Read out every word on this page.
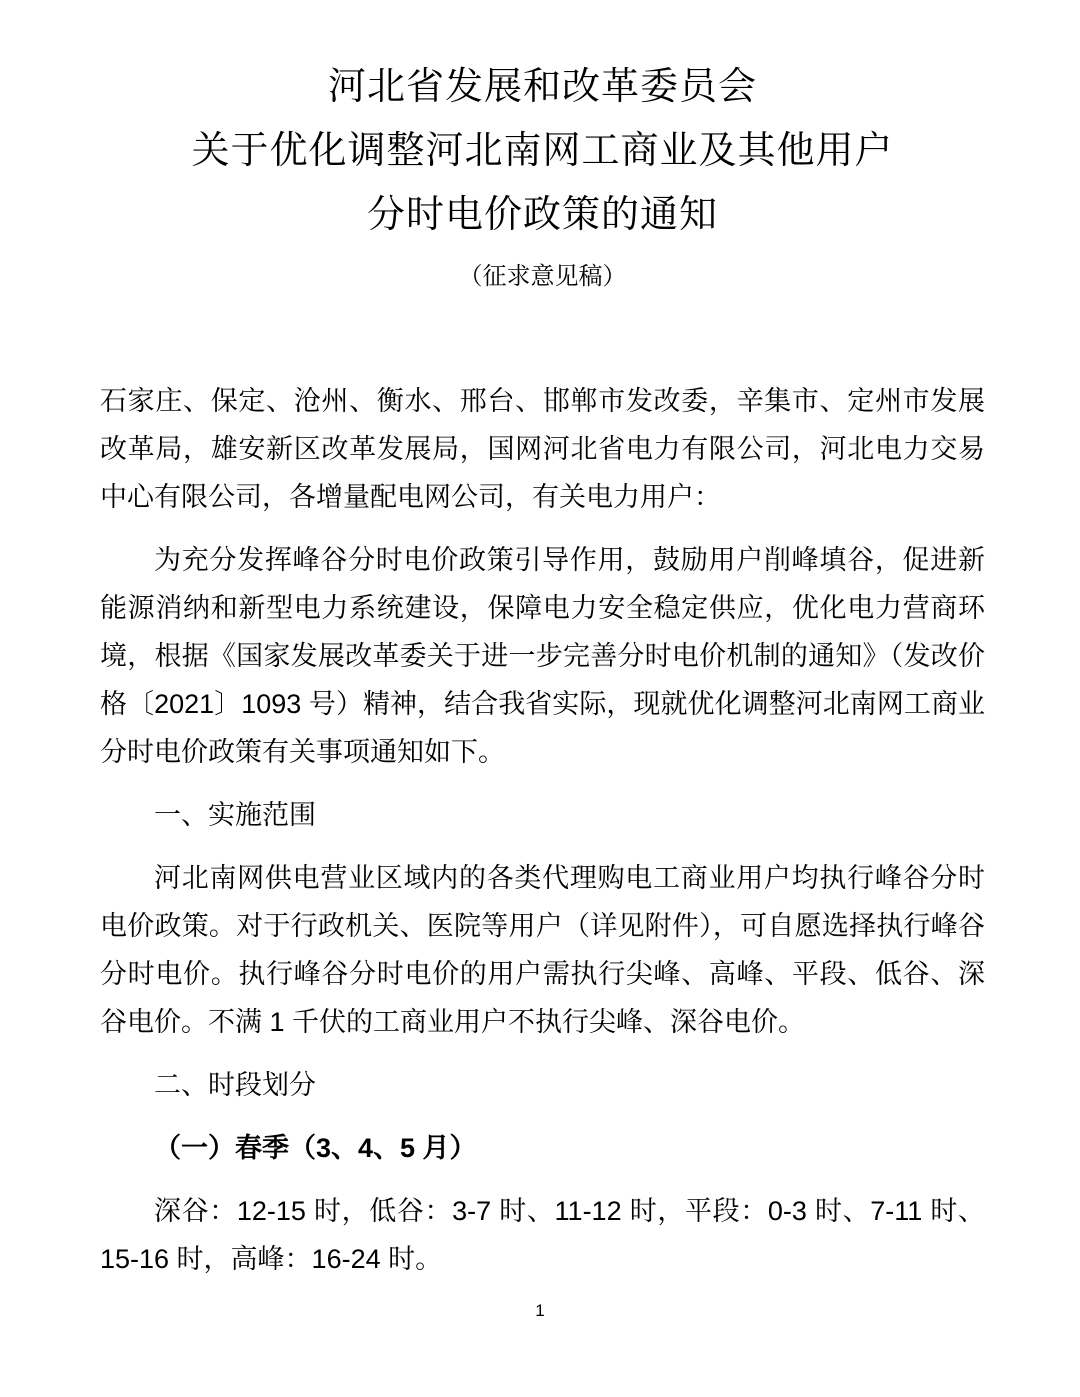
河北省发展和改革委员会
关于优化调整河北南网工商业及其他用户
分时电价政策的通知
（征求意见稿）

石家庄、保定、沧州、衡水、邢台、邯郸市发改委，辛集市、定州市发展改革局，雄安新区改革发展局，国网河北省电力有限公司，河北电力交易中心有限公司，各增量配电网公司，有关电力用户：

为充分发挥峰谷分时电价政策引导作用，鼓励用户削峰填谷，促进新能源消纳和新型电力系统建设，保障电力安全稳定供应，优化电力营商环境，根据《国家发展改革委关于进一步完善分时电价机制的通知》（发改价格〔2021〕1093 号）精神，结合我省实际，现就优化调整河北南网工商业分时电价政策有关事项通知如下。

一、实施范围

河北南网供电营业区域内的各类代理购电工商业用户均执行峰谷分时电价政策。对于行政机关、医院等用户（详见附件），可自愿选择执行峰谷分时电价。执行峰谷分时电价的用户需执行尖峰、高峰、平段、低谷、深谷电价。不满 1 千伏的工商业用户不执行尖峰、深谷电价。

二、时段划分

（一）春季（3、4、5 月）

深谷：12-15 时，低谷：3-7 时、11-12 时，平段：0-3 时、7-11 时、15-16 时，高峰：16-24 时。

1
